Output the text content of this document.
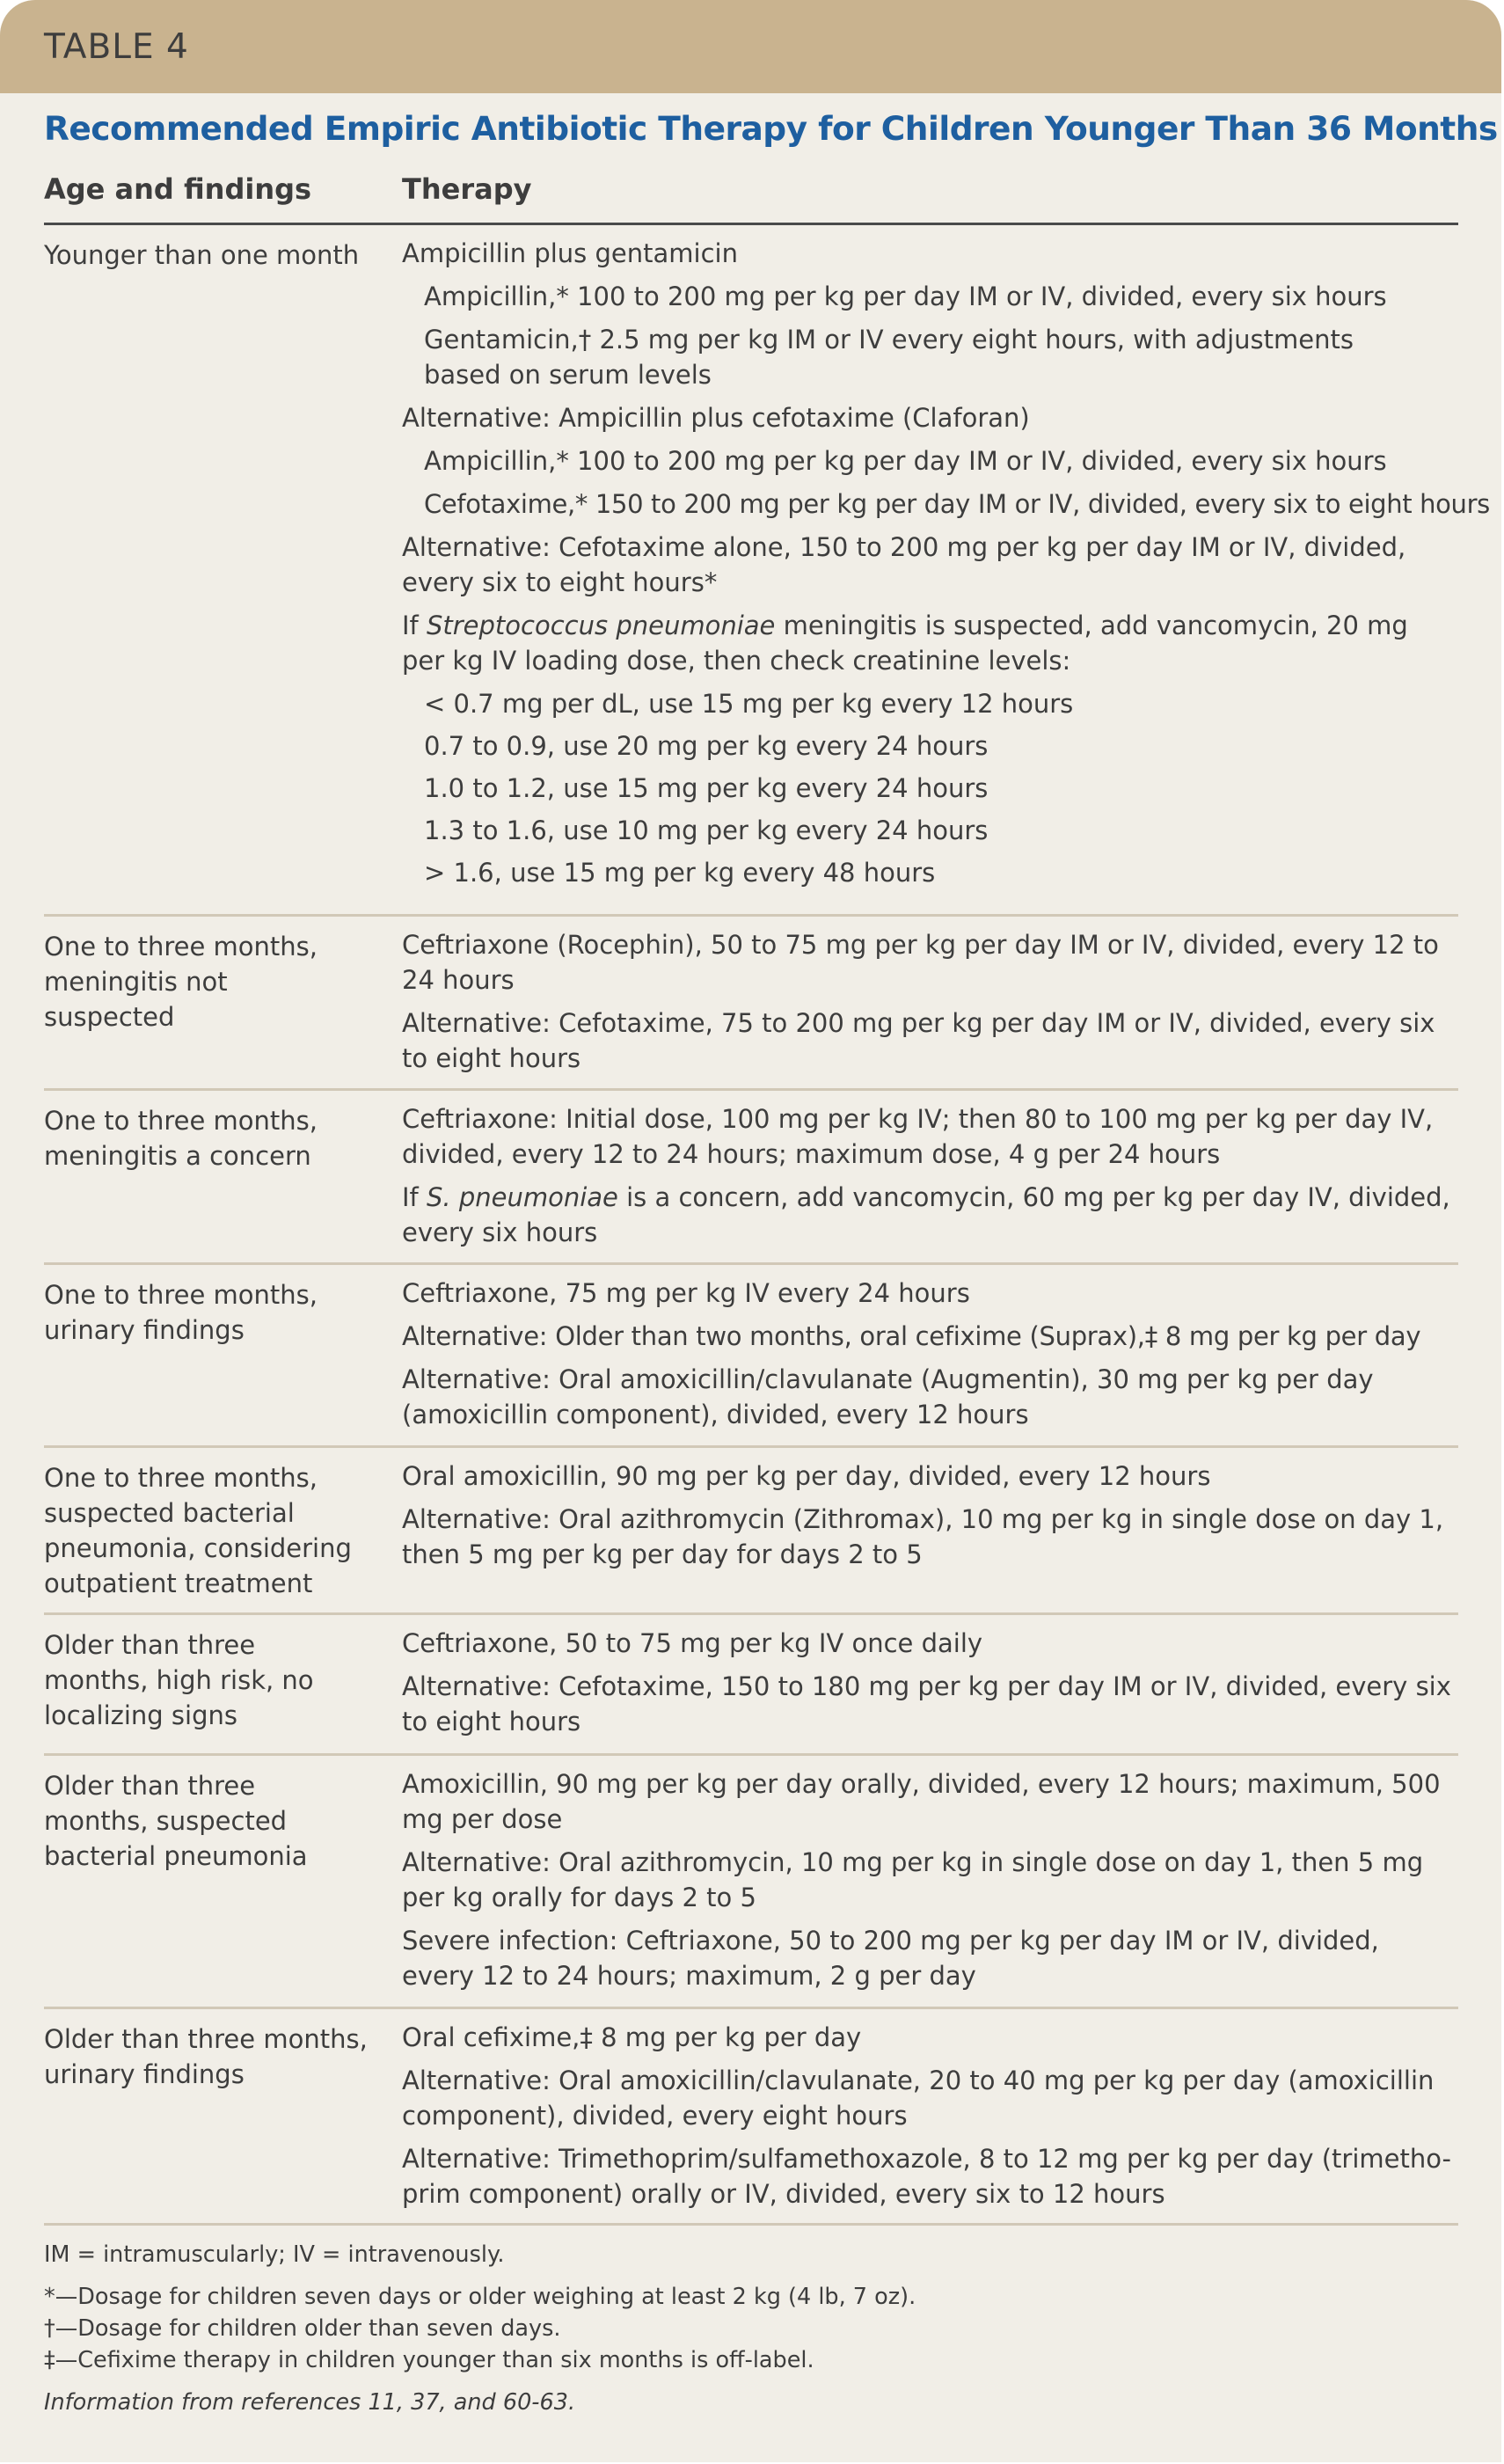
TABLE 4
Recommended Empiric Antibiotic Therapy for Children Younger Than 36 Months
Age and findings	Therapy
Younger than one month	Ampicillin plus gentamicin

Ampicillin,* 100 to 200 mg per kg per day IM or IV, divided, every six hours

Gentamicin,† 2.5 mg per kg IM or IV every eight hours, with adjustments based on serum levels

Alternative: Ampicillin plus cefotaxime (Claforan)

Ampicillin,* 100 to 200 mg per kg per day IM or IV, divided, every six hours

Cefotaxime,* 150 to 200 mg per kg per day IM or IV, divided, every six to eight hours

Alternative: Cefotaxime alone, 150 to 200 mg per kg per day IM or IV, divided, every six to eight hours*

If Streptococcus pneumoniae meningitis is suspected, add vancomycin, 20 mg per kg IV loading dose, then check creatinine levels:

< 0.7 mg per dL, use 15 mg per kg every 12 hours

0.7 to 0.9, use 20 mg per kg every 24 hours

1.0 to 1.2, use 15 mg per kg every 24 hours

1.3 to 1.6, use 10 mg per kg every 24 hours

> 1.6, use 15 mg per kg every 48 hours

One to three months, meningitis not suspected

Ceftriaxone (Rocephin), 50 to 75 mg per kg per day IM or IV, divided, every 12 to 24 hours

Alternative: Cefotaxime, 75 to 200 mg per kg per day IM or IV, divided, every six to eight hours

One to three months, meningitis a concern

Ceftriaxone: Initial dose, 100 mg per kg IV; then 80 to 100 mg per kg per day IV, divided, every 12 to 24 hours; maximum dose, 4 g per 24 hours

If S. pneumoniae is a concern, add vancomycin, 60 mg per kg per day IV, divided, every six hours

One to three months, urinary findings

Ceftriaxone, 75 mg per kg IV every 24 hours

Alternative: Older than two months, oral cefixime (Suprax),‡ 8 mg per kg per day

Alternative: Oral amoxicillin/clavulanate (Augmentin), 30 mg per kg per day (amoxicillin component), divided, every 12 hours

One to three months, suspected bacterial pneumonia, considering outpatient treatment

Oral amoxicillin, 90 mg per kg per day, divided, every 12 hours

Alternative: Oral azithromycin (Zithromax), 10 mg per kg in single dose on day 1, then 5 mg per kg per day for days 2 to 5

Older than three months, high risk, no localizing signs

Ceftriaxone, 50 to 75 mg per kg IV once daily

Alternative: Cefotaxime, 150 to 180 mg per kg per day IM or IV, divided, every six to eight hours

Older than three months, suspected bacterial pneumonia

Amoxicillin, 90 mg per kg per day orally, divided, every 12 hours; maximum, 500 mg per dose

Alternative: Oral azithromycin, 10 mg per kg in single dose on day 1, then 5 mg per kg orally for days 2 to 5

Severe infection: Ceftriaxone, 50 to 200 mg per kg per day IM or IV, divided, every 12 to 24 hours; maximum, 2 g per day

Older than three months, urinary findings

Oral cefixime,‡ 8 mg per kg per day

Alternative: Oral amoxicillin/clavulanate, 20 to 40 mg per kg per day (amoxicillin component), divided, every eight hours

Alternative: Trimethoprim/sulfamethoxazole, 8 to 12 mg per kg per day (trimetho-prim component) orally or IV, divided, every six to 12 hours

IM = intramuscularly; IV = intravenously.

*—Dosage for children seven days or older weighing at least 2 kg (4 lb, 7 oz).

†—Dosage for children older than seven days.

‡—Cefixime therapy in children younger than six months is off-label.

Information from references 11, 37, and 60-63.
